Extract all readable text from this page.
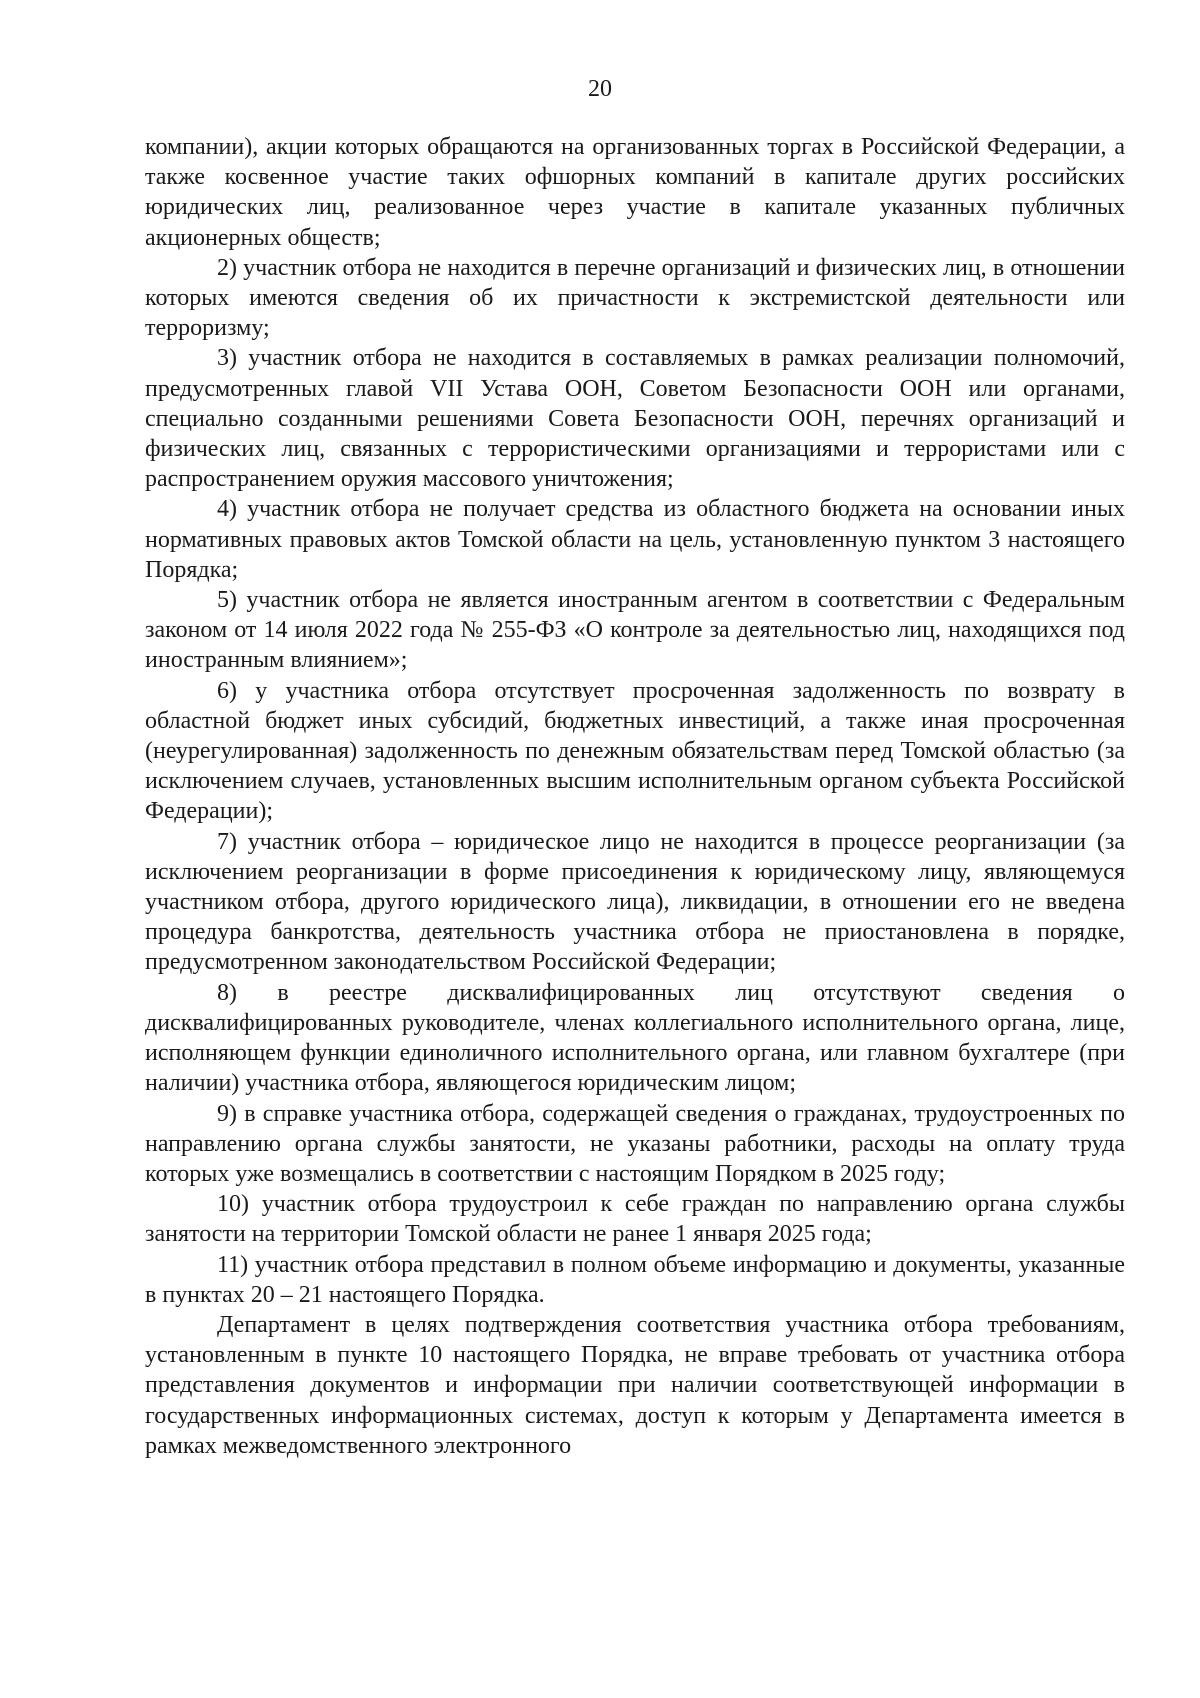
20

компании), акции которых обращаются на организованных торгах в Российской Федерации, а также косвенное участие таких офшорных компаний в капитале других российских юридических лиц, реализованное через участие в капитале указанных публичных акционерных обществ;

2) участник отбора не находится в перечне организаций и физических лиц, в отношении которых имеются сведения об их причастности к экстремистской деятельности или терроризму;

3) участник отбора не находится в составляемых в рамках реализации полномочий, предусмотренных главой VII Устава ООН, Советом Безопасности ООН или органами, специально созданными решениями Совета Безопасности ООН, перечнях организаций и физических лиц, связанных с террористическими организациями и террористами или с распространением оружия массового уничтожения;

4) участник отбора не получает средства из областного бюджета на основании иных нормативных правовых актов Томской области на цель, установленную пунктом 3 настоящего Порядка;

5) участник отбора не является иностранным агентом в соответствии с Федеральным законом от 14 июля 2022 года № 255-ФЗ «О контроле за деятельностью лиц, находящихся под иностранным влиянием»;

6) у участника отбора отсутствует просроченная задолженность по возврату в областной бюджет иных субсидий, бюджетных инвестиций, а также иная просроченная (неурегулированная) задолженность по денежным обязательствам перед Томской областью (за исключением случаев, установленных высшим исполнительным органом субъекта Российской Федерации);

7) участник отбора – юридическое лицо не находится в процессе реорганизации (за исключением реорганизации в форме присоединения к юридическому лицу, являющемуся участником отбора, другого юридического лица), ликвидации, в отношении его не введена процедура банкротства, деятельность участника отбора не приостановлена в порядке, предусмотренном законодательством Российской Федерации;

8) в реестре дисквалифицированных лиц отсутствуют сведения о дисквалифицированных руководителе, членах коллегиального исполнительного органа, лице, исполняющем функции единоличного исполнительного органа, или главном бухгалтере (при наличии) участника отбора, являющегося юридическим лицом;

9) в справке участника отбора, содержащей сведения о гражданах, трудоустроенных по направлению органа службы занятости, не указаны работники, расходы на оплату труда которых уже возмещались в соответствии с настоящим Порядком в 2025 году;

10) участник отбора трудоустроил к себе граждан по направлению органа службы занятости на территории Томской области не ранее 1 января 2025 года;

11) участник отбора представил в полном объеме информацию и документы, указанные в пунктах 20 – 21 настоящего Порядка.

Департамент в целях подтверждения соответствия участника отбора требованиям, установленным в пункте 10 настоящего Порядка, не вправе требовать от участника отбора представления документов и информации при наличии соответствующей информации в государственных информационных системах, доступ к которым у Департамента имеется в рамках межведомственного электронного
